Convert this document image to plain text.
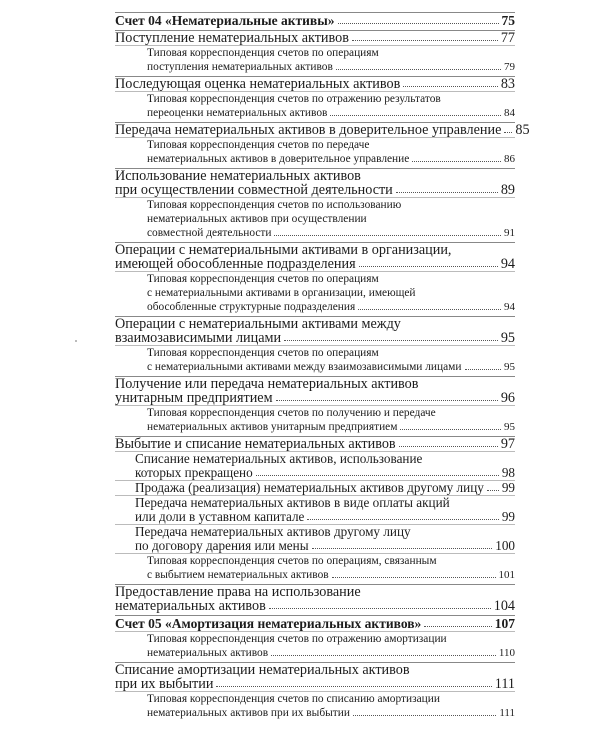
Счет 04 «Нематериальные активы»	75
Поступление нематериальных активов	77
Типовая корреспонденция счетов по операциям
поступления нематериальных активов	79
Последующая оценка нематериальных активов	83
Типовая корреспонденция счетов по отражению результатов
переоценки нематериальных активов	84
Передача нематериальных активов в доверительное управление 85
Типовая корреспонденция счетов по передаче
нематериальных активов в доверительное управление	86
Использование нематериальных активов
при осуществлении совместной деятельности	89
Типовая корреспонденция счетов по использованию
нематериальных активов при осуществлении
совместной деятельности	91
Операции с нематериальными активами в организации,
имеющей обособленные подразделения	94
Типовая корреспонденция счетов по операциям
с нематериальными активами в организации, имеющей
обособленные структурные подразделения	94
Операции с нематериальными активами между
взаимозависимыми лицами	95
Типовая корреспонденция счетов по операциям
с нематериальными активами между взаимозависимыми лицами	95
Получение или передача нематериальных активов
унитарным предприятием	96
Типовая корреспонденция счетов по получению и передаче
нематериальных активов унитарным предприятием	95
Выбытие и списание нематериальных активов	97
Списание нематериальных активов, использование
которых прекращено	98
Продажа (реализация) нематериальных активов другому лицу 99
Передача нематериальных активов в виде оплаты акций
или доли в уставном капитале	99
Передача нематериальных активов другому лицу
по договору дарения или мены	100
Типовая корреспонденция счетов по операциям, связанным
с выбытием нематериальных активов	101
Предоставление права на использование
нематериальных активов	104
Счет 05 «Амортизация нематериальных активов»	107
Типовая корреспонденция счетов по отражению амортизации
нематериальных активов	110
Списание амортизации нематериальных активов
при их выбытии	111
Типовая корреспонденция счетов по списанию амортизации
нематериальных активов при их выбытии	111
